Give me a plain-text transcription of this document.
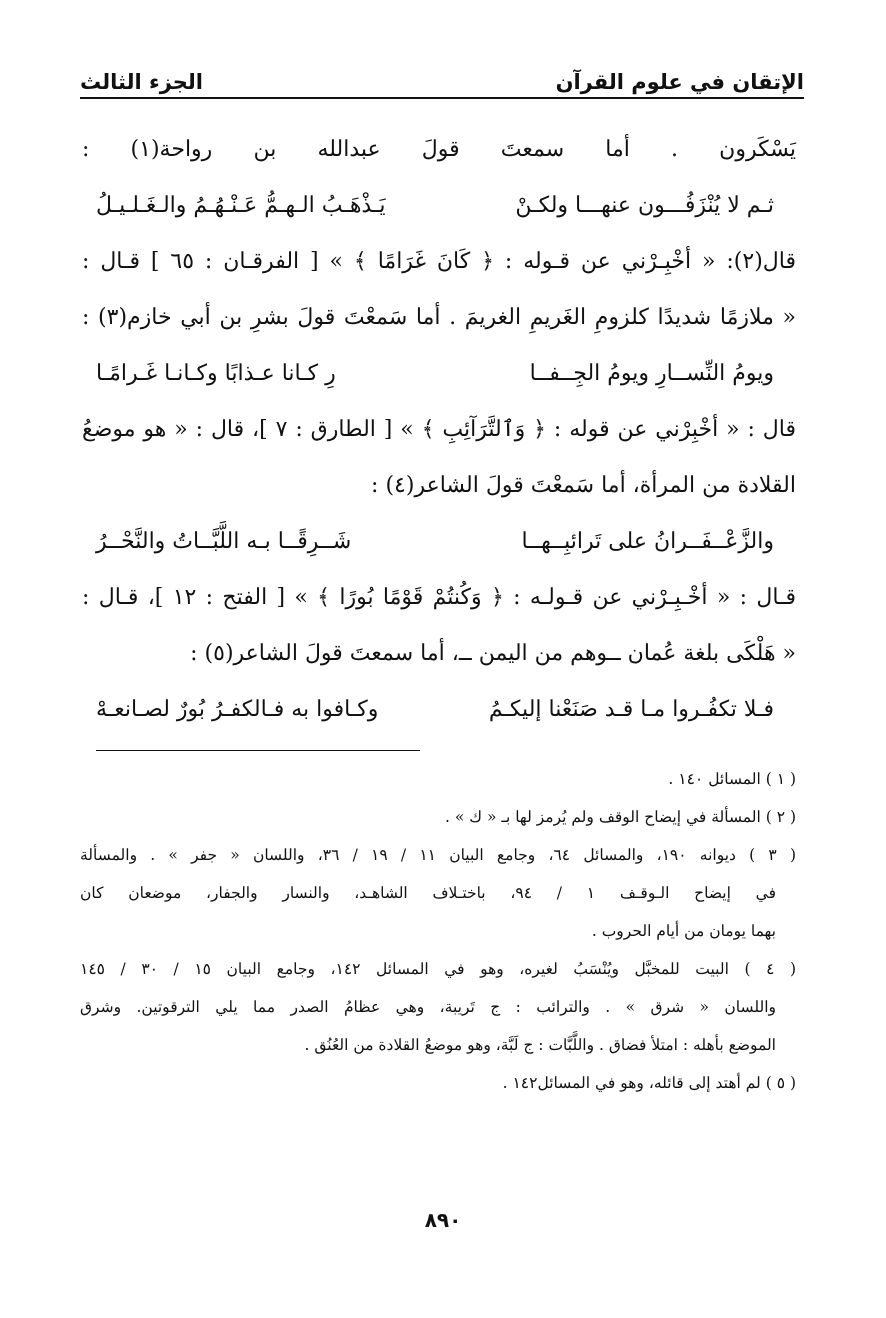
الإتقان في علوم القرآن
الجزء الثالث
يَسْكَرون . أما سمعتَ قولَ عبدالله بن رواحة(١) :
ثـم لا يُنْزَفُـــون عنهـــا ولكـنْ
يَـذْهَـبُ الـهـمُّ عَـنْـهُـمُ والـغَـلـيـلُ
قال(٢): « أخْبِـرْني عن قـوله : ﴿ كَانَ غَرَامًا ﴾ » [ الفرقـان : ٦٥ ] قـال :
« ملازمًا شديدًا كلزومِ الغَريمِ الغريمَ . أما سَمعْتَ قولَ بشرِ بن أبي خازم(٣) :
ويومُ النِّســارِ ويومُ الجِــفــا
رِ كـانا عـذابًا وكـانـا غَـرامًـا
قال : « أخْبِرْني عن قوله : ﴿ وَٱلتَّرَآئِبِ ﴾ » [ الطارق : ٧ ]، قال : « هو موضعُ
القلادة من المرأة، أما سَمعْتَ قولَ الشاعر(٤) :
والزَّعْــفَــرانُ على تَرائبِــهــا
شَــرِقًــا بـه اللَّبَّــاتُ والنَّحْــرُ
قـال : « أخْـبِـرْني عن قـولـه : ﴿ وَكُنتُمْ قَوْمًا بُورًا ﴾ » [ الفتح : ١٢ ]، قـال :
« هَلْكَى بلغة عُمان ــوهم من اليمن ــ، أما سمعتَ قولَ الشاعر(٥) :
فـلا تكفُـروا مـا قـد صَنَعْنا إليكـمُ
وكـافوا به فـالكفـرُ بُورٌ لصـانعـهْ
( ١ ) المسائل ١٤٠ .
( ٢ ) المسألة في إيضاح الوقف ولم يُرمز لها بـ « ك » .
( ٣ ) ديوانه ١٩٠، والمسائل ٦٤، وجامع البيان ١١ / ١٩ / ٣٦، واللسان « جفر » . والمسألة
في إيضاح الـوقـف ١ / ٩٤، باختـلاف الشاهـد، والنسار والجفار، موضعان كان
بهما يومان من أيام الحروب .
( ٤ ) البيت للمخبَّل ويُنْسَبُ لغيره، وهو في المسائل ١٤٢، وجامع البيان ١٥ / ٣٠ / ١٤٥
واللسان « شرق » . والترائب : ج تَريبة، وهي عظامُ الصدر مما يلي الترقوتين. وشرق
الموضع بأهله : امتلأ فضاق . واللَّبَّات : ج لَبَّة، وهو موضعُ القلادة من العُنُق .
( ٥ ) لم أهتد إلى قائله، وهو في المسائل١٤٢ .
٨٩٠
